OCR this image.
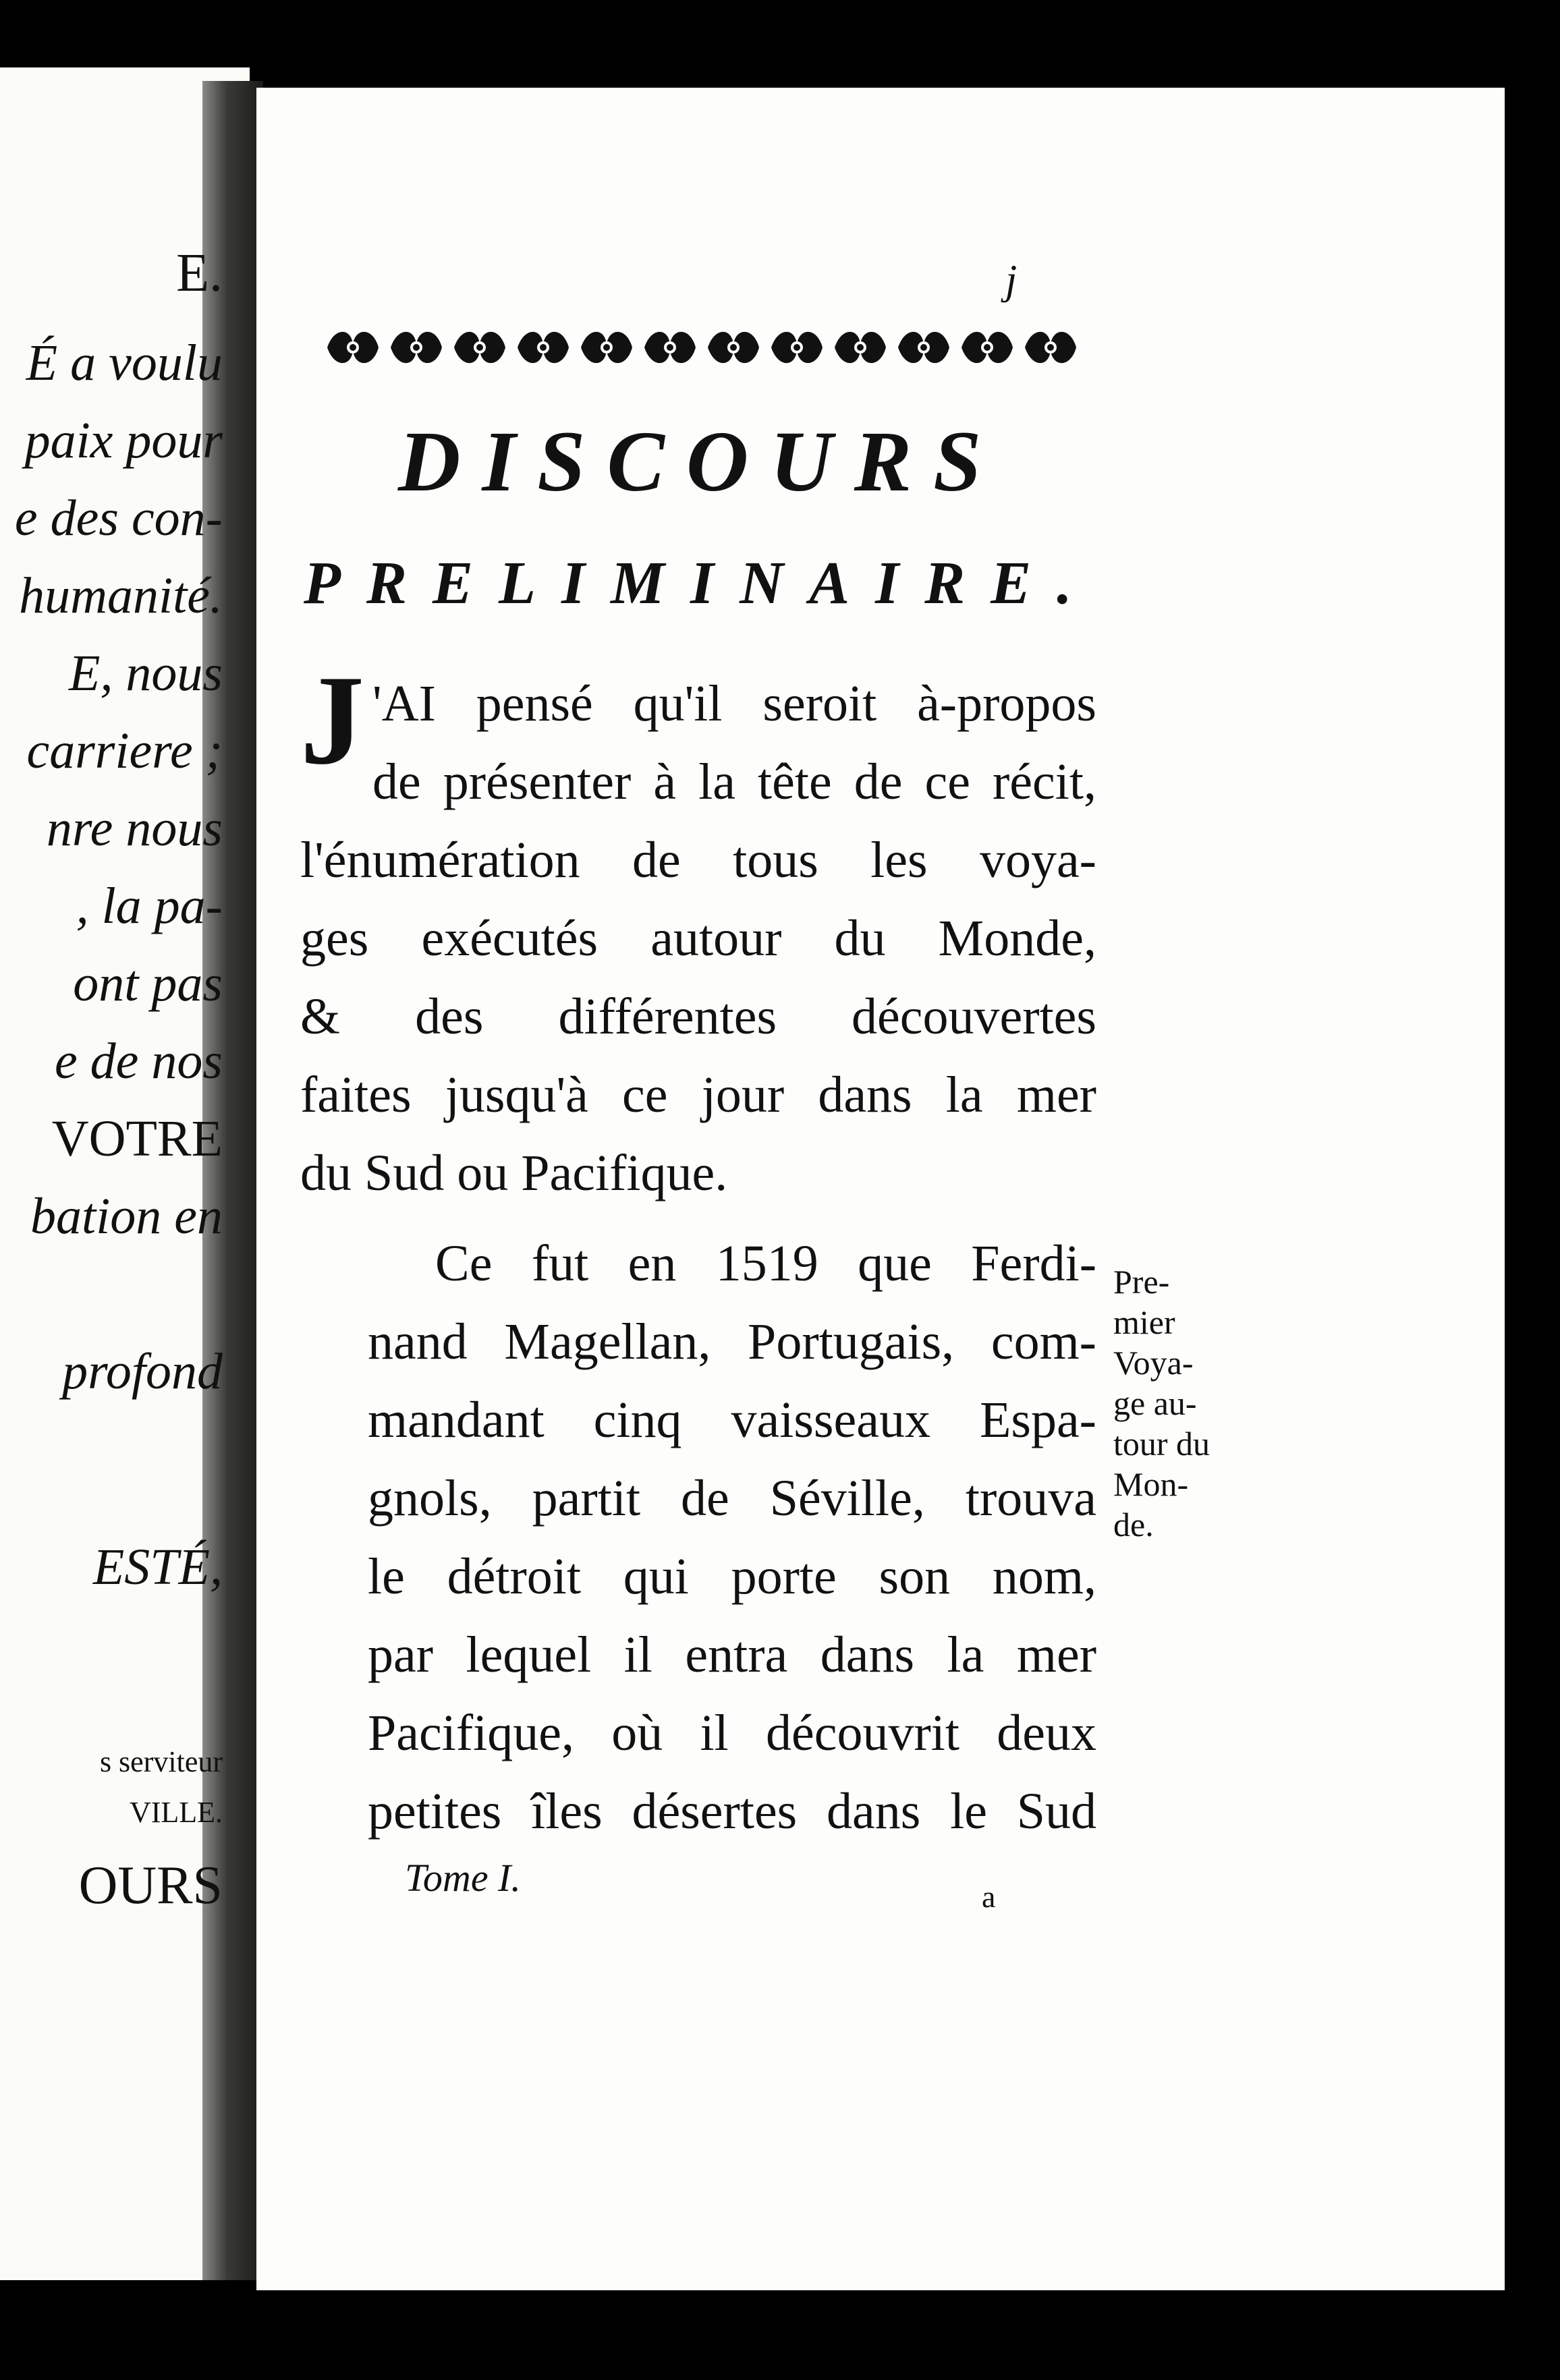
E.
É a voulu
paix pour
e des con-
humanité.
E, nous
carriere ;
nre nous
, la pa-
ont pas
e de nos
VOTRE
bation en
profond
ESTÉ,
s serviteur
VILLE.
OURS
j
DISCOURS
PRELIMINAIRE.
J 'AI pensé qu'il seroit à-propos
de présenter à la tête de ce récit,
l'énumération de tous les voya-
ges exécutés autour du Monde,
& des différentes découvertes
faites jusqu'à ce jour dans la mer
du Sud ou Pacifique.
Ce fut en 1519 que Ferdi-
nand Magellan, Portugais, com-
mandant cinq vaisseaux Espa-
gnols, partit de Séville, trouva
le détroit qui porte son nom,
par lequel il entra dans la mer
Pacifique, où il découvrit deux
petites îles désertes dans le Sud
Pre-
mier
Voya-
ge au-
tour du
Mon-
de.
Tome I.	a
